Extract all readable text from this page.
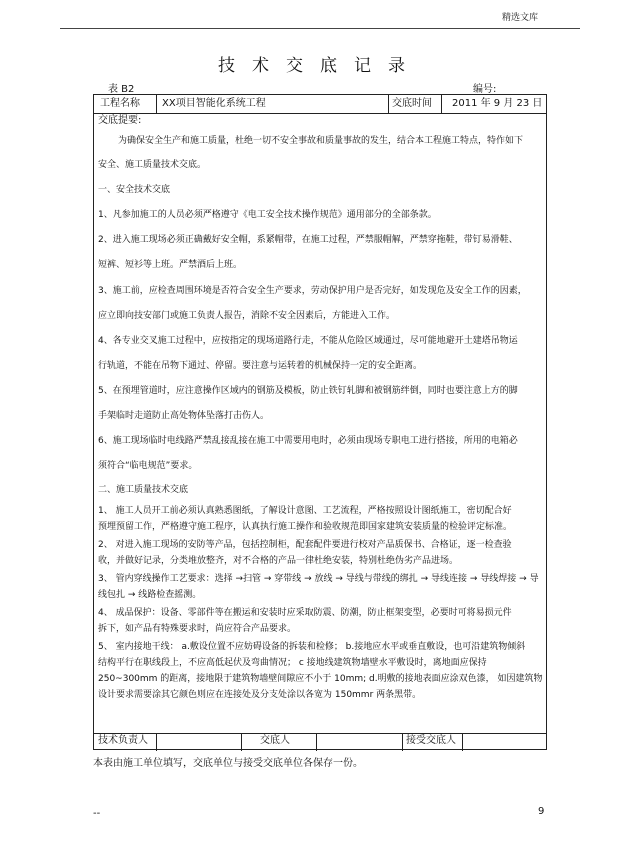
精选文库
技术交底记录
表 B2	编号:
工程名称 XX项目智能化系统工程	交底时间 2011 年 9 月 23 日
交底提要:
为确保安全生产和施工质量，杜绝一切不安全事故和质量事故的发生，结合本工程施工特点，特作如下
安全、施工质量技术交底。
一、安全技术交底
1、凡参加施工的人员必须严格遵守《电工安全技术操作规范》通用部分的全部条款。
2、进入施工现场必须正确戴好安全帽，系紧帽带，在施工过程，严禁服帽解，严禁穿拖鞋，带钉易滑鞋、
短裤、短衫等上班。严禁酒后上班。
3、施工前，应检查周围环境是否符合安全生产要求，劳动保护用户是否完好，如发现危及安全工作的因素，
应立即向技安部门或施工负责人报告，消除不安全因素后，方能进入工作。
4、各专业交叉施工过程中，应按指定的现场道路行走，不能从危险区域通过，尽可能地避开土建塔吊物运
行轨道，不能在吊物下通过、停留。要注意与运转着的机械保持一定的安全距离。
5、在预埋管道时，应注意操作区域内的钢筋及模板，防止铁钉轧脚和被钢筋绊倒，同时也要注意上方的脚
手架临时走道防止高处物体坠落打击伤人。
6、施工现场临时电线路严禁乱接乱接在施工中需要用电时，必须由现场专职电工进行搭接，所用的电箱必
须符合“临电规范”要求。
二、施工质量技术交底
1、 施工人员开工前必须认真熟悉图纸，了解设计意图、工艺流程，严格按照设计图纸施工，密切配合好
预埋预留工作，严格遵守施工程序，认真执行施工操作和验收规范即国家建筑安装质量的检验评定标准。
2、 对进入施工现场的安防等产品，包括控制柜，配套配件要进行校对产品质保书、合格证，逐一检查验
收，并做好记录，分类堆放整齐，对不合格的产品一律杜绝安装，特别杜绝伪劣产品进场。
3、 管内穿线操作工艺要求：选择 →扫管 → 穿带线 → 放线 → 导线与带线的绑扎 → 导线连接 → 导线焊接 → 导
线包扎 → 线路检查摇测。
4、 成品保护：设备、零部件等在搬运和安装时应采取防震、防潮，防止框架变型，必要时可将易损元件
拆下，如产品有特殊要求时，尚应符合产品要求。
5、 室内接地干线： a.敷设位置不应妨碍设备的拆装和检修； b.接地应水平或垂直敷设，也可沿建筑物倾斜
结构平行在职线段上，不应高低起伏及弯曲情况； c 接地线建筑物墙壁水平敷设时，离地面应保持
250~300mm 的距离，接地限于建筑物墙壁间隙应不小于 10mm; d.明敷的接地表面应涂双色漆， 如因建筑物
设计要求需要涂其它颜色则应在连接处及分支处涂以各宽为 150mmr 两条黑带。
技术负责人	交底人	接受交底人
本表由施工单位填写，交底单位与接受交底单位各保存一份。
--	9
